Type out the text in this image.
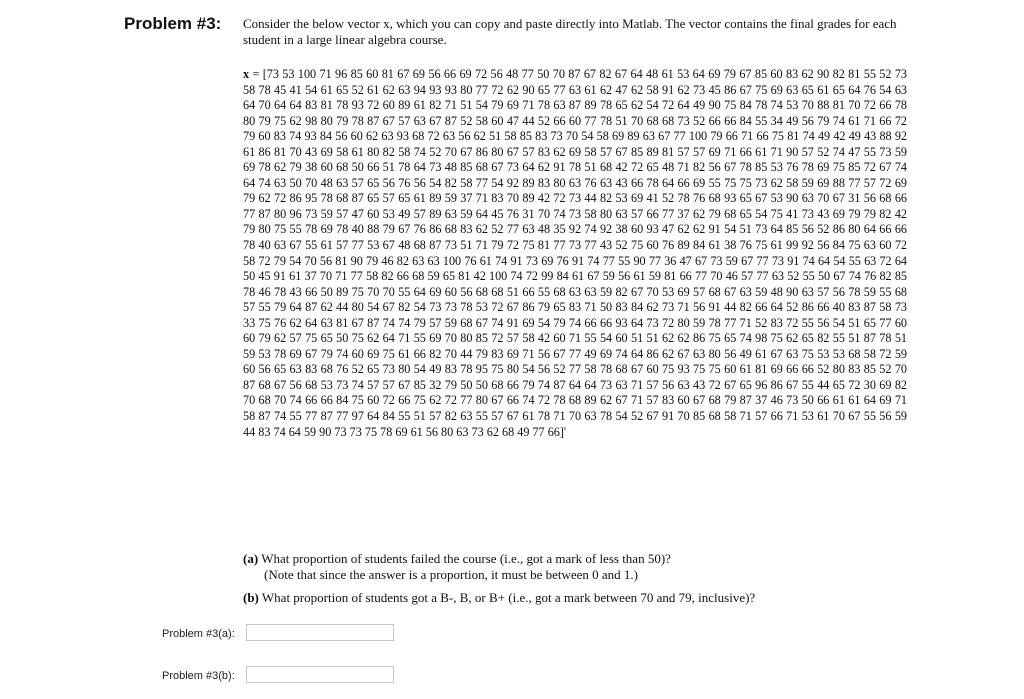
Problem #3: Consider the below vector x, which you can copy and paste directly into Matlab. The vector contains the final grades for each student in a large linear algebra course.
x = [73 53 100 71 96 85 60 81 67 69 56 66 69 72 56 48 77 50 70 87 67 82 67 64 48 61 53 64 69 79 67 85 60 83 62 90 82 81 55 52 73 58 78 45 41 54 61 65 52 61 62 63 94 93 93 80 77 72 62 90 65 77 63 61 62 47 62 58 91 62 73 45 86 67 75 69 63 65 61 65 64 76 54 63 64 70 64 64 83 81 78 93 72 60 89 61 82 71 51 54 79 69 71 78 63 87 89 78 65 62 54 72 64 49 90 75 84 78 74 53 70 88 81 70 72 66 78 80 79 75 62 98 80 79 78 87 67 57 63 67 87 52 58 60 47 44 52 66 60 77 78 51 70 68 68 73 52 66 66 84 55 34 49 56 79 74 61 71 66 72 79 60 83 74 93 84 56 60 62 63 93 68 72 63 56 62 51 58 85 83 73 70 54 58 69 89 63 67 77 100 79 66 71 66 75 81 74 49 42 49 43 88 92 61 86 81 70 43 69 58 61 80 82 58 74 52 70 67 86 80 67 57 83 62 69 58 57 67 85 89 81 57 57 69 71 66 61 71 90 57 52 74 47 55 73 59 69 78 62 79 38 60 68 50 66 51 78 64 73 48 85 68 67 73 64 62 91 78 51 68 42 72 65 48 71 82 56 67 78 85 53 76 78 69 75 85 72 67 74 64 74 63 50 70 48 63 57 65 56 76 56 54 82 58 77 54 92 89 83 80 63 76 63 43 66 78 64 66 69 55 75 75 73 62 58 59 69 88 77 57 72 69 79 62 72 86 95 78 68 87 65 57 65 61 89 59 37 71 83 70 89 42 72 73 44 82 53 69 41 52 78 76 68 93 65 67 53 90 63 70 67 31 56 68 66 77 87 80 96 73 59 57 47 60 53 49 57 89 63 59 64 45 76 31 70 74 73 58 80 63 57 66 77 37 62 79 68 65 54 75 41 73 43 69 79 79 82 42 79 80 75 55 78 69 78 40 88 79 67 76 86 68 83 62 52 77 63 48 35 92 74 92 38 60 93 47 62 62 91 54 51 73 64 85 56 52 86 80 64 66 66 78 40 63 67 55 61 57 77 53 67 48 68 87 73 51 71 79 72 75 81 77 73 77 43 52 75 60 76 89 84 61 38 76 75 61 99 92 56 84 75 63 60 72 58 72 79 54 70 56 81 90 79 46 82 63 63 100 76 61 74 91 73 69 76 91 74 77 55 90 77 36 47 67 73 59 67 77 73 91 74 64 54 55 63 72 64 50 45 91 61 37 70 71 77 58 82 66 68 59 65 81 42 100 74 72 99 84 61 67 59 56 61 59 81 66 77 70 46 57 77 63 52 55 50 67 74 76 82 85 78 46 78 43 66 50 89 75 70 70 55 64 69 60 56 68 68 51 66 55 68 63 63 59 82 67 70 53 69 57 68 67 63 59 48 90 63 57 56 78 59 55 68 57 55 79 64 87 62 44 80 54 67 82 54 73 73 78 53 72 67 86 79 65 83 71 50 83 84 62 73 71 56 91 44 82 66 64 52 86 66 40 83 87 58 73 33 75 76 62 64 63 81 67 87 74 74 79 57 59 68 67 74 91 69 54 79 74 66 66 93 64 73 72 80 59 78 77 71 52 83 72 55 56 54 51 65 77 60 60 79 62 57 75 65 50 75 62 64 71 55 69 70 80 85 72 57 58 42 60 71 55 54 60 51 51 62 62 86 75 65 74 98 75 62 65 82 55 51 87 78 51 59 53 78 69 67 79 74 60 69 75 61 66 82 70 44 79 83 69 71 56 67 77 49 69 74 64 86 62 67 63 80 56 49 61 67 63 75 53 53 68 58 72 59 60 56 65 63 83 68 76 52 65 73 80 54 49 83 78 95 75 80 54 56 52 77 58 78 68 67 60 75 93 75 75 60 61 81 69 66 66 52 80 83 85 52 70 87 68 67 56 68 53 73 74 57 57 67 85 32 79 50 50 68 66 79 74 87 64 64 73 63 71 57 56 63 43 72 67 65 96 86 67 55 44 65 72 30 69 82 70 68 70 74 66 66 84 75 60 72 66 75 62 72 77 80 67 66 74 72 78 68 89 62 67 71 57 83 60 67 68 79 87 37 46 73 50 66 61 61 64 69 71 58 87 74 55 77 87 77 97 64 84 55 51 57 82 63 55 57 67 61 78 71 70 63 78 54 52 67 91 70 85 68 58 71 57 66 71 53 61 70 67 55 56 59 44 83 74 64 59 90 73 73 75 78 69 61 56 80 63 73 62 68 49 77 66]'

(a) What proportion of students failed the course (i.e., got a mark of less than 50)?

(Note that since the answer is a proportion, it must be between 0 and 1.)

(b) What proportion of students got a B-, B, or B+ (i.e., got a mark between 70 and 79, inclusive)?

Problem #3(a):
Problem #3(b):
